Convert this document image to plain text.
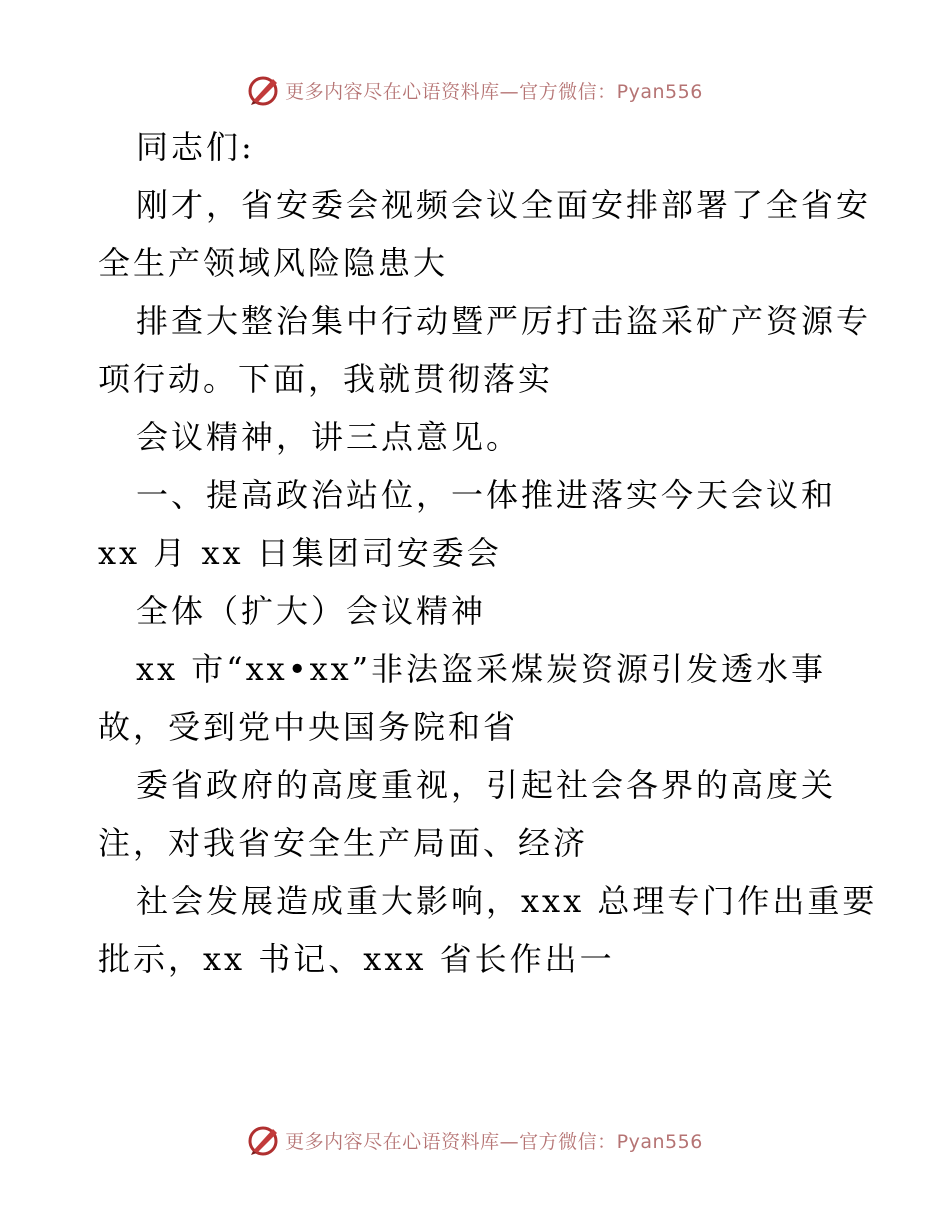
更多内容尽在心语资料库—官方微信：Pyan556
同志们:
刚才，省安委会视频会议全面安排部署了全省安
全生产领域风险隐患大
排查大整治集中行动暨严厉打击盗采矿产资源专
项行动。下面，我就贯彻落实
会议精神，讲三点意见。
一、提高政治站位，一体推进落实今天会议和
xx 月 xx 日集团司安委会
全体（扩大）会议精神
xx 市“xx•xx”非法盗采煤炭资源引发透水事
故，受到党中央国务院和省
委省政府的高度重视，引起社会各界的高度关
注，对我省安全生产局面、经济
社会发展造成重大影响，xxx 总理专门作出重要
批示，xx 书记、xxx 省长作出一
更多内容尽在心语资料库—官方微信：Pyan556
